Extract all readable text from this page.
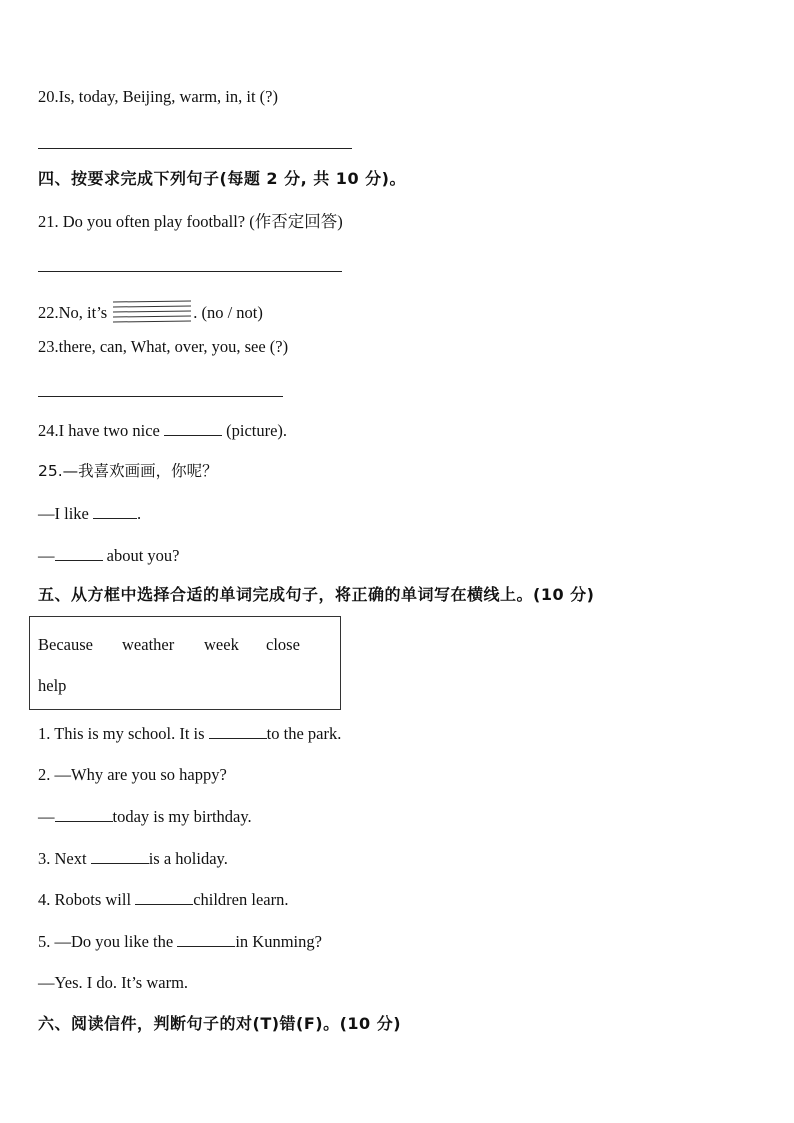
20.Is, today, Beijing, warm, in, it (?)
四、按要求完成下列句子(每题 2 分, 共 10 分)。
21. Do you often play football? (作否定回答)
22.No, it’s	. (no / not)
23.there, can, What, over, you, see (?)
24.I have two nice	(picture).
25.—我喜欢画画，你呢？
—I like	.
—	about you?
五、从方框中选择合适的单词完成句子，将正确的单词写在横线上。(10 分)
Because weather week close
help
1. This is my school. It is	to the park.
2. —Why are you so happy?
—	today is my birthday.
3. Next	is a holiday.
4. Robots will	children learn.
5. —Do you like the	in Kunming?
—Yes. I do. It’s warm.
六、阅读信件，判断句子的对(T)错(F)。(10 分)
